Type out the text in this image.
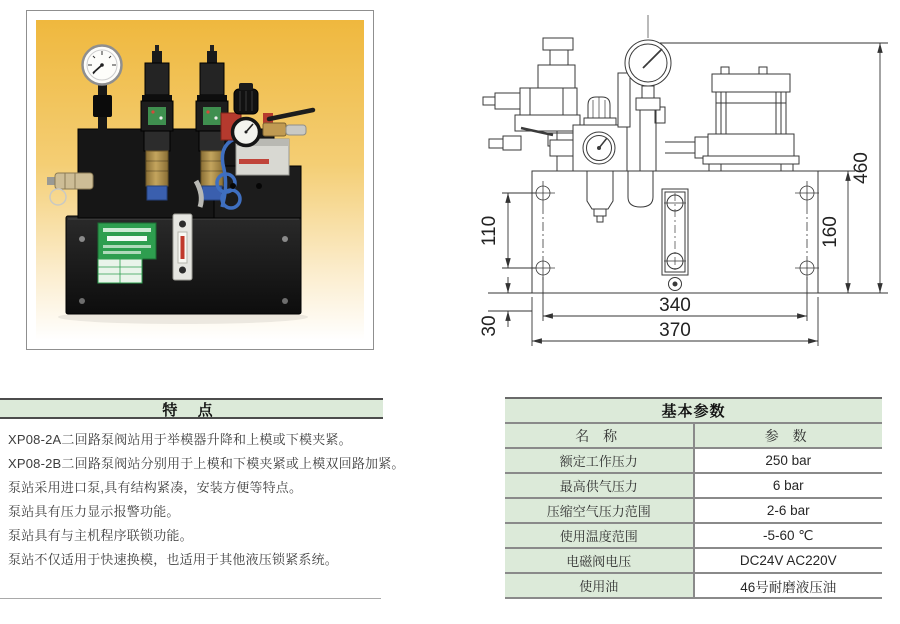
460
160
110
30
340
370
特 点

XP08-2A二回路泵阀站用于举模器升降和上模或下模夹紧。

XP08-2B二回路泵阀站分别用于上模和下模夹紧或上模双回路加紧。

泵站采用进口泵,具有结构紧凑，安装方便等特点。

泵站具有压力显示报警功能。

泵站具有与主机程序联锁功能。

泵站不仅适用于快速换模，也适用于其他液压锁紧系统。

基本参数	
名 称	参 数
额定工作压力	250 bar
最高供气压力	6 bar
压缩空气压力范围	2-6 bar
使用温度范围	-5-60 ℃
电磁阀电压	DC24V AC220V
使用油	46号耐磨液压油
